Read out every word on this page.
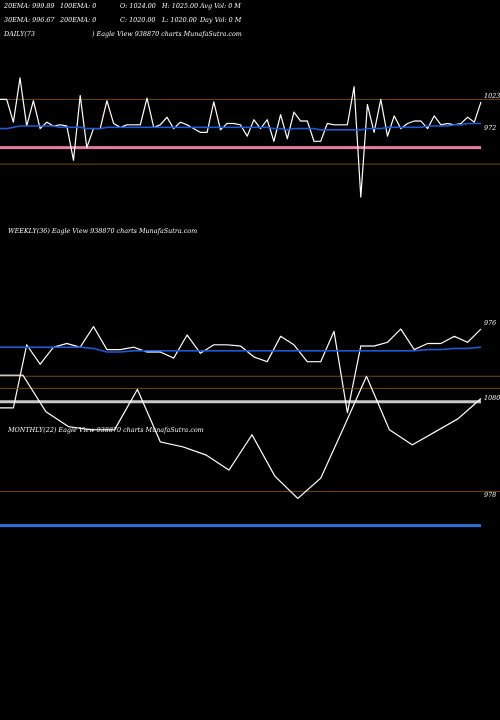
20EMA: 999.89 100EMA: 0	O: 1024.00 H: 1025.00 Avg Vol: 0 M
30EMA: 996.67 200EMA: 0	C: 1020.00 L: 1020.00 Day Vol: 0 M
DAILY(73	) Eagle View 938870 charts MunafaSutra.com
WEEKLY(36) Eagle View 938870 charts MunafaSutra.com
MONTHLY(22) Eagle View 938870 charts MunafaSutra.com
1023
972
976
1080
978
